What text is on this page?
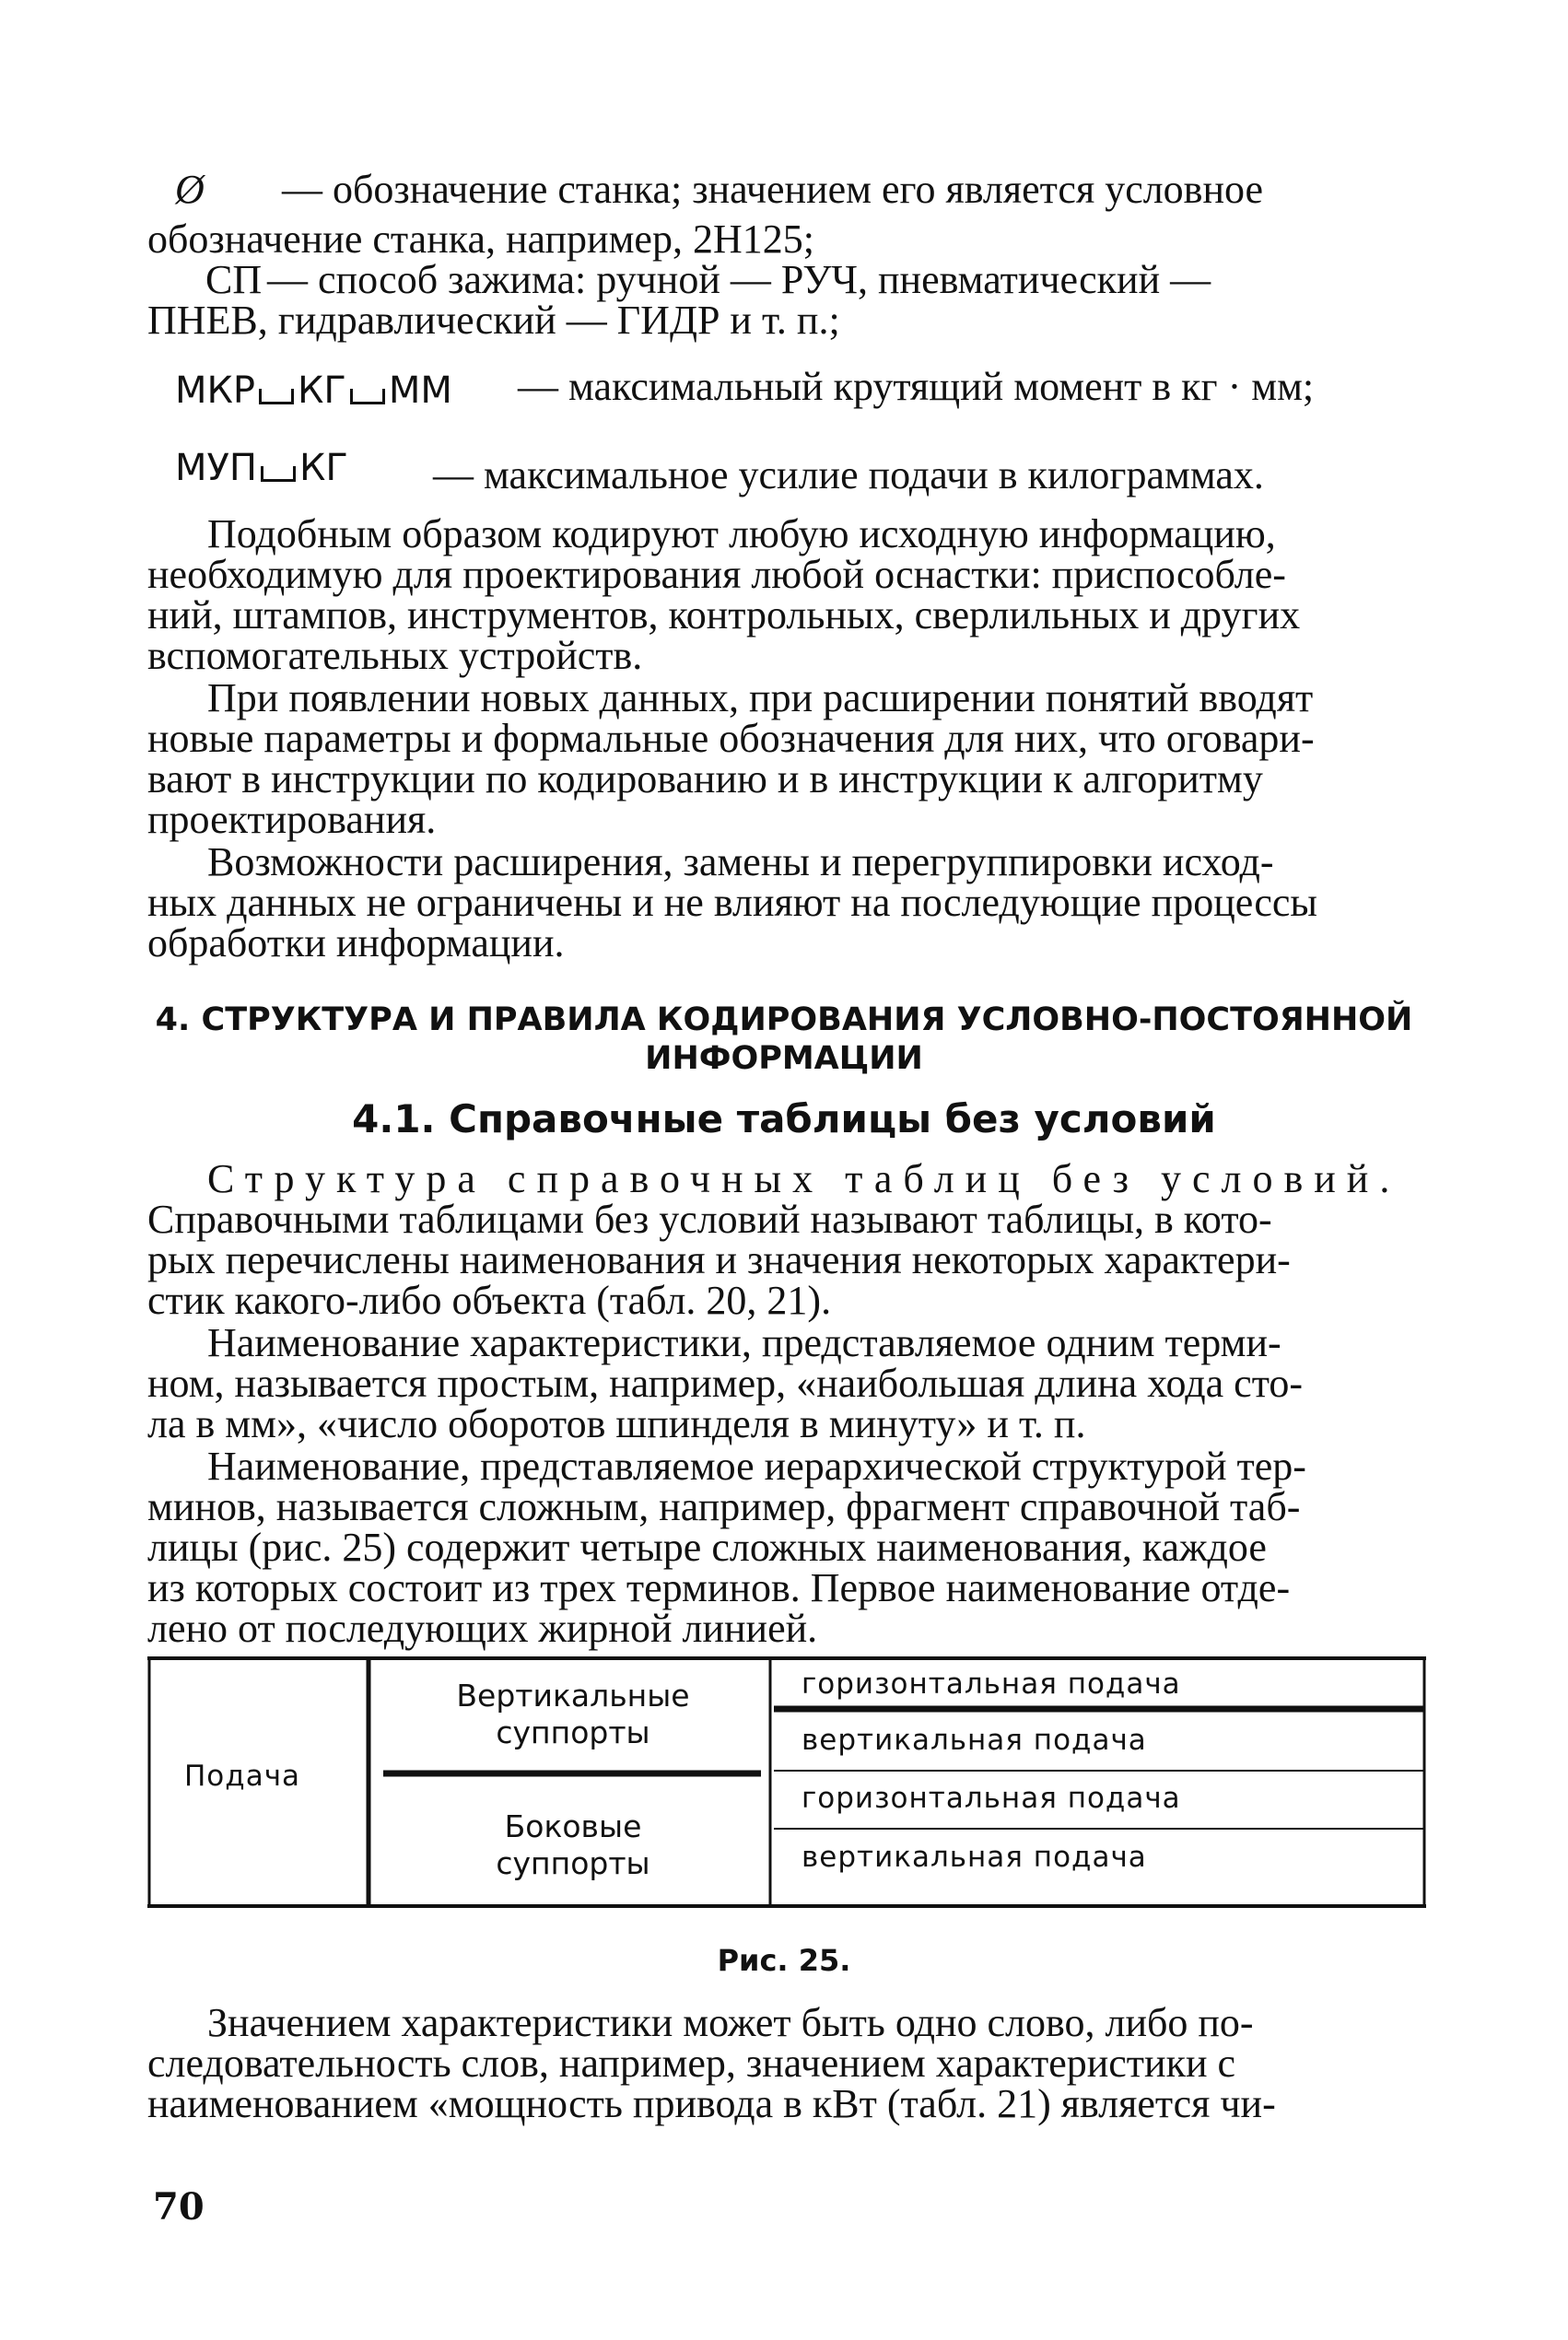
Ø — обозначение станка; значением его является условное
обозначение станка, например, 2Н125;
СП — способ зажима: ручной — РУЧ, пневматический —
ПНЕВ, гидравлический — ГИДР и т. п.;
МКР КГ ММ — максимальный крутящий момент в кг · мм;
МУП КГ — максимальное усилие подачи в килограммах.
Подобным образом кодируют любую исходную информацию,
необходимую для проектирования любой оснастки: приспособле-
ний, штампов, инструментов, контрольных, сверлильных и других
вспомогательных устройств.
При появлении новых данных, при расширении понятий вводят
новые параметры и формальные обозначения для них, что оговари-
вают в инструкции по кодированию и в инструкции к алгоритму
проектирования.
Возможности расширения, замены и перегруппировки исход-
ных данных не ограничены и не влияют на последующие процессы
обработки информации.
4. СТРУКТУРА И ПРАВИЛА КОДИРОВАНИЯ УСЛОВНО-ПОСТОЯННОЙ
ИНФОРМАЦИИ
4.1. Справочные таблицы без условий
Структура справочных таблиц без условий.
Справочными таблицами без условий называют таблицы, в кото-
рых перечислены наименования и значения некоторых характери-
стик какого-либо объекта (табл. 20, 21).
Наименование характеристики, представляемое одним терми-
ном, называется простым, например, «наибольшая длина хода сто-
ла в мм», «число оборотов шпинделя в минуту» и т. п.
Наименование, представляемое иерархической структурой тер-
минов, называется сложным, например, фрагмент справочной таб-
лицы (рис. 25) содержит четыре сложных наименования, каждое
из которых состоит из трех терминов. Первое наименование отде-
лено от последующих жирной линией.
Подача
Вертикальные
суппорты
Боковые
суппорты
горизонтальная подача
вертикальная подача
горизонтальная подача
вертикальная подача
Рис. 25.
Значением характеристики может быть одно слово, либо по-
следовательность слов, например, значением характеристики с
наименованием «мощность привода в кВт (табл. 21) является чи-
70
